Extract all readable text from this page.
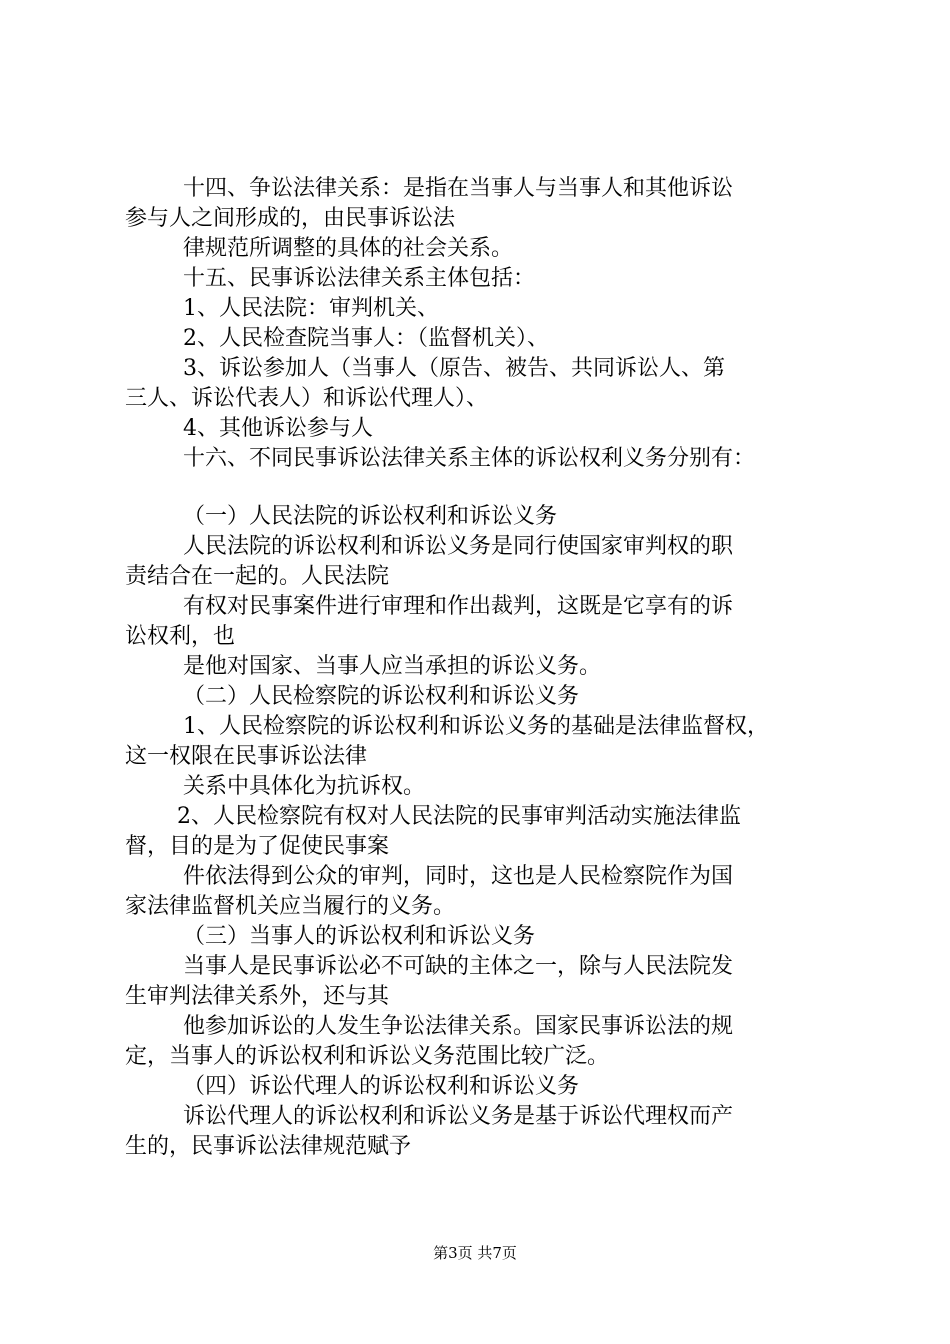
十四、争讼法律关系：是指在当事人与当事人和其他诉讼
参与人之间形成的，由民事诉讼法
律规范所调整的具体的社会关系。
十五、民事诉讼法律关系主体包括：
1、人民法院：审判机关、
2、人民检查院当事人：（监督机关）、
3、诉讼参加人（当事人（原告、被告、共同诉讼人、第
三人、诉讼代表人）和诉讼代理人）、
4、其他诉讼参与人
十六、不同民事诉讼法律关系主体的诉讼权利义务分别有：
（一）人民法院的诉讼权利和诉讼义务
人民法院的诉讼权利和诉讼义务是同行使国家审判权的职
责结合在一起的。人民法院
有权对民事案件进行审理和作出裁判，这既是它享有的诉
讼权利，也
是他对国家、当事人应当承担的诉讼义务。
（二）人民检察院的诉讼权利和诉讼义务
1、人民检察院的诉讼权利和诉讼义务的基础是法律监督权，
这一权限在民事诉讼法律
关系中具体化为抗诉权。
2、人民检察院有权对人民法院的民事审判活动实施法律监
督，目的是为了促使民事案
件依法得到公众的审判，同时，这也是人民检察院作为国
家法律监督机关应当履行的义务。
（三）当事人的诉讼权利和诉讼义务
当事人是民事诉讼必不可缺的主体之一，除与人民法院发
生审判法律关系外，还与其
他参加诉讼的人发生争讼法律关系。国家民事诉讼法的规
定，当事人的诉讼权利和诉讼义务范围比较广泛。
（四）诉讼代理人的诉讼权利和诉讼义务
诉讼代理人的诉讼权利和诉讼义务是基于诉讼代理权而产
生的，民事诉讼法律规范赋予
第3页 共7页
